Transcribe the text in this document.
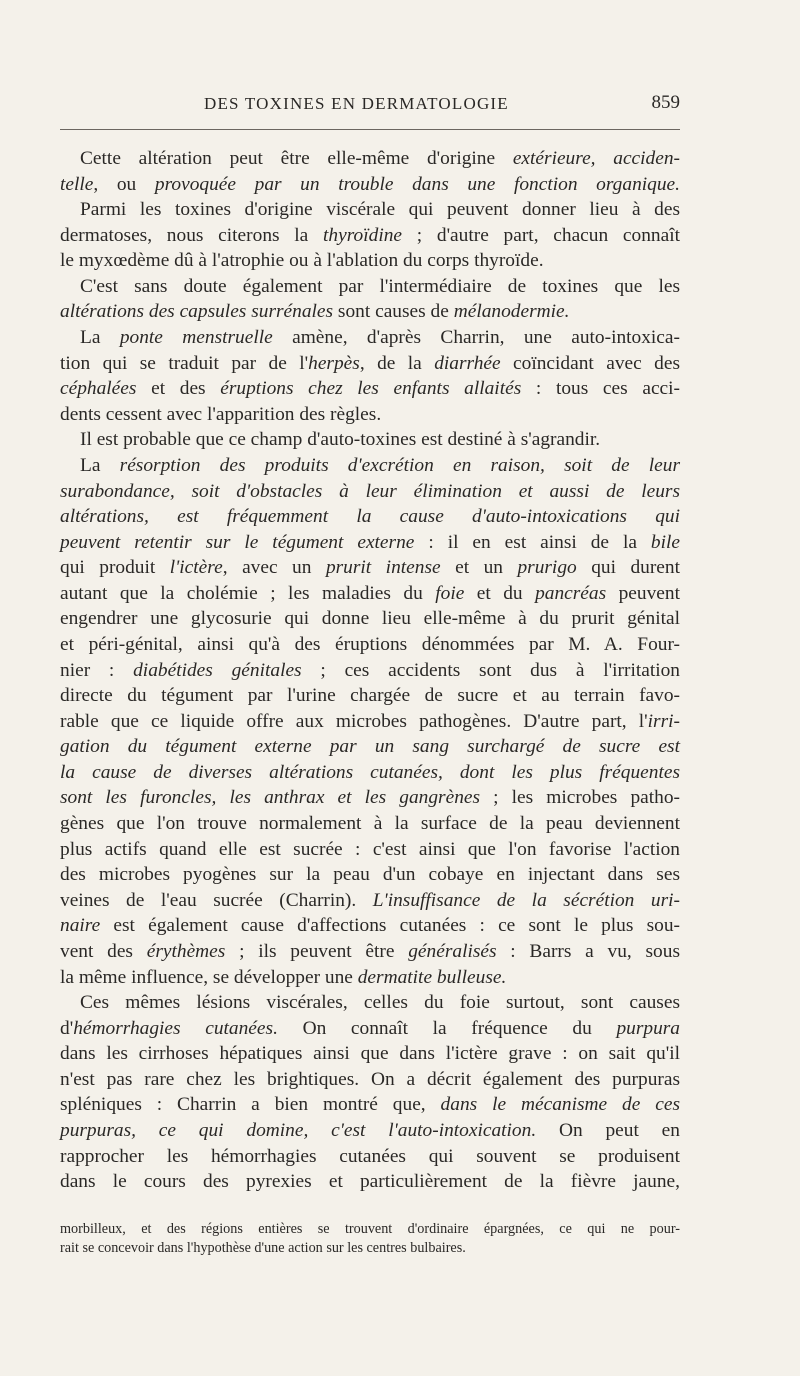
DES TOXINES EN DERMATOLOGIE	859
Cette altération peut être elle-même d'origine extérieure, acciden-
telle, ou provoquée par un trouble dans une fonction organique.
Parmi les toxines d'origine viscérale qui peuvent donner lieu à des
dermatoses, nous citerons la thyroïdine ; d'autre part, chacun connaît
le myxœdème dû à l'atrophie ou à l'ablation du corps thyroïde.
C'est sans doute également par l'intermédiaire de toxines que les
altérations des capsules surrénales sont causes de mélanodermie.
La ponte menstruelle amène, d'après Charrin, une auto-intoxica-
tion qui se traduit par de l'herpès, de la diarrhée coïncidant avec des
céphalées et des éruptions chez les enfants allaités : tous ces acci-
dents cessent avec l'apparition des règles.
Il est probable que ce champ d'auto-toxines est destiné à s'agrandir.
La résorption des produits d'excrétion en raison, soit de leur
surabondance, soit d'obstacles à leur élimination et aussi de leurs
altérations, est fréquemment la cause d'auto-intoxications qui
peuvent retentir sur le tégument externe : il en est ainsi de la bile
qui produit l'ictère, avec un prurit intense et un prurigo qui durent
autant que la cholémie ; les maladies du foie et du pancréas peuvent
engendrer une glycosurie qui donne lieu elle-même à du prurit génital
et péri-génital, ainsi qu'à des éruptions dénommées par M. A. Four-
nier : diabétides génitales ; ces accidents sont dus à l'irritation
directe du tégument par l'urine chargée de sucre et au terrain favo-
rable que ce liquide offre aux microbes pathogènes. D'autre part, l'irri-
gation du tégument externe par un sang surchargé de sucre est
la cause de diverses altérations cutanées, dont les plus fréquentes
sont les furoncles, les anthrax et les gangrènes ; les microbes patho-
gènes que l'on trouve normalement à la surface de la peau deviennent
plus actifs quand elle est sucrée : c'est ainsi que l'on favorise l'action
des microbes pyogènes sur la peau d'un cobaye en injectant dans ses
veines de l'eau sucrée (Charrin). L'insuffisance de la sécrétion uri-
naire est également cause d'affections cutanées : ce sont le plus sou-
vent des érythèmes ; ils peuvent être généralisés : Barrs a vu, sous
la même influence, se développer une dermatite bulleuse.
Ces mêmes lésions viscérales, celles du foie surtout, sont causes
d'hémorrhagies cutanées. On connaît la fréquence du purpura
dans les cirrhoses hépatiques ainsi que dans l'ictère grave : on sait qu'il
n'est pas rare chez les brightiques. On a décrit également des purpuras
spléniques : Charrin a bien montré que, dans le mécanisme de ces
purpuras, ce qui domine, c'est l'auto-intoxication. On peut en
rapprocher les hémorrhagies cutanées qui souvent se produisent
dans le cours des pyrexies et particulièrement de la fièvre jaune,
morbilleux, et des régions entières se trouvent d'ordinaire épargnées, ce qui ne pour-
rait se concevoir dans l'hypothèse d'une action sur les centres bulbaires.
